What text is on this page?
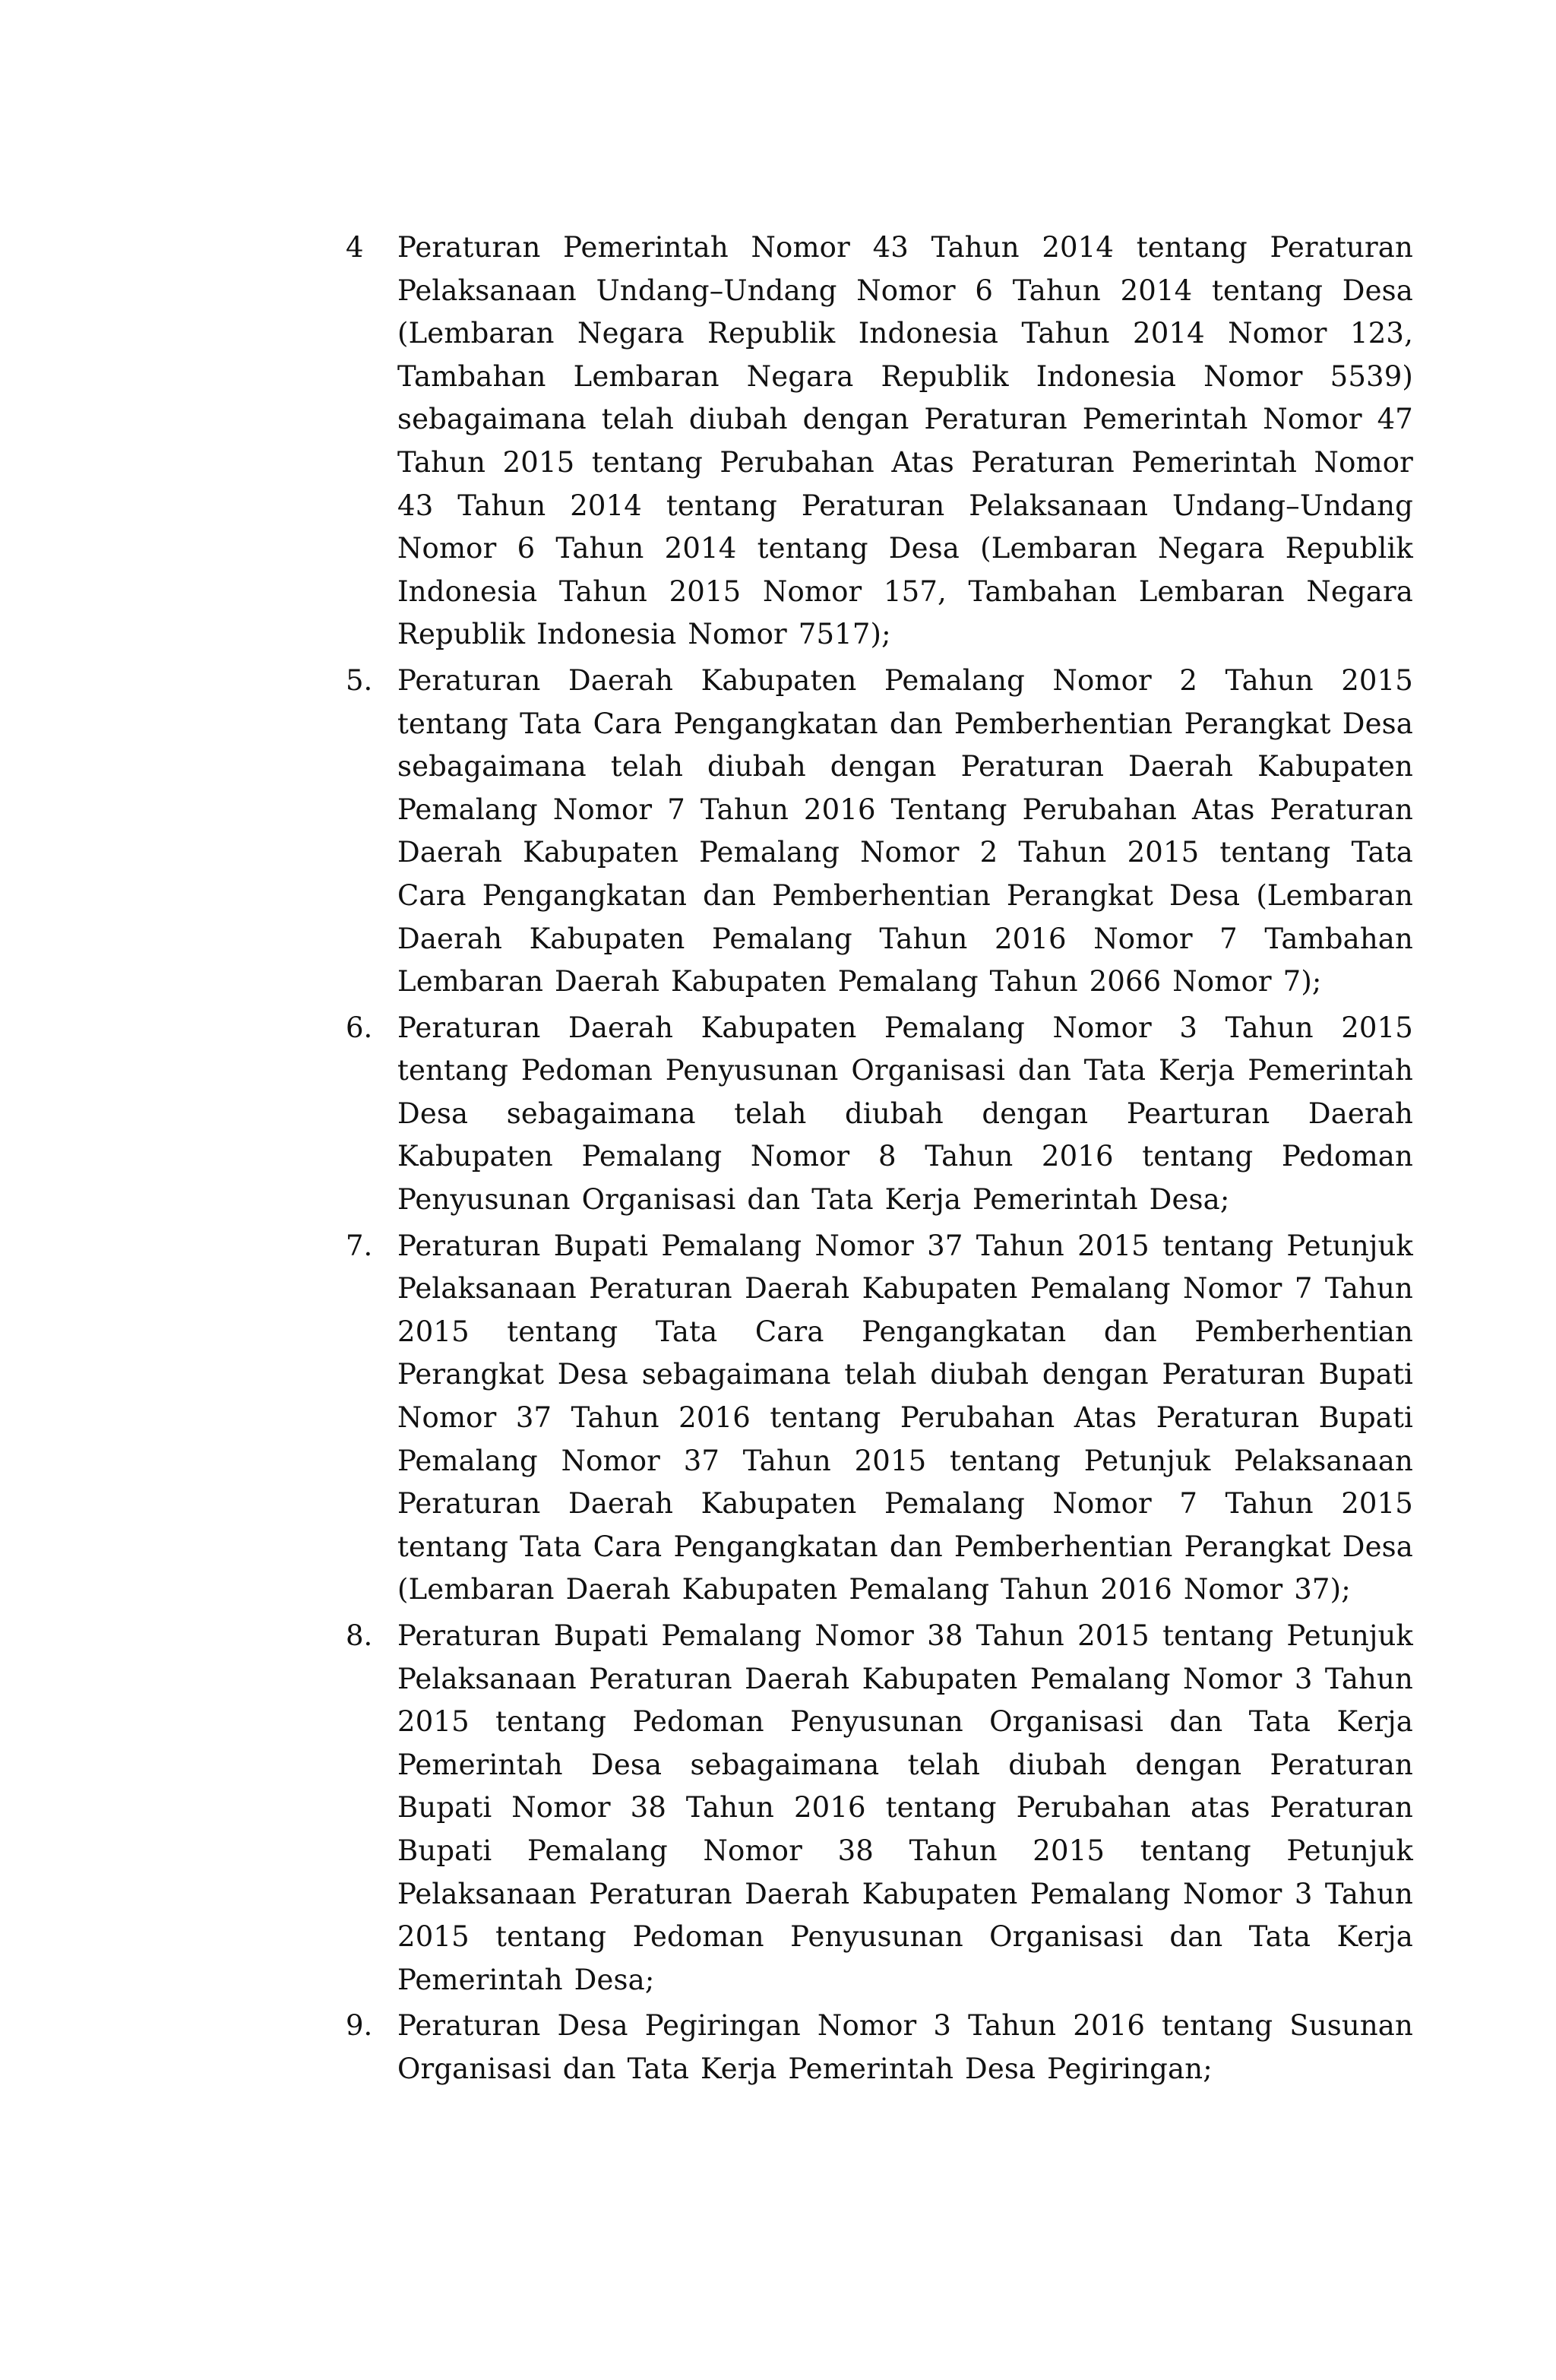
4	Peraturan Pemerintah Nomor 43 Tahun 2014 tentang Peraturan Pelaksanaan Undang–Undang Nomor 6 Tahun 2014 tentang Desa (Lembaran Negara Republik Indonesia Tahun 2014 Nomor 123, Tambahan Lembaran Negara Republik Indonesia Nomor 5539) sebagaimana telah diubah dengan Peraturan Pemerintah Nomor 47 Tahun 2015 tentang Perubahan Atas Peraturan Pemerintah Nomor 43 Tahun 2014 tentang Peraturan Pelaksanaan Undang–Undang Nomor 6 Tahun 2014 tentang Desa (Lembaran Negara Republik Indonesia Tahun 2015 Nomor 157, Tambahan Lembaran Negara Republik Indonesia Nomor 7517);
5. Peraturan Daerah Kabupaten Pemalang Nomor 2 Tahun 2015 tentang Tata Cara Pengangkatan dan Pemberhentian Perangkat Desa sebagaimana telah diubah dengan Peraturan Daerah Kabupaten Pemalang Nomor 7 Tahun 2016 Tentang Perubahan Atas Peraturan Daerah Kabupaten Pemalang Nomor 2 Tahun 2015 tentang Tata Cara Pengangkatan dan Pemberhentian Perangkat Desa (Lembaran Daerah Kabupaten Pemalang Tahun 2016 Nomor 7 Tambahan Lembaran Daerah Kabupaten Pemalang Tahun 2066 Nomor 7);
6. Peraturan Daerah Kabupaten Pemalang Nomor 3 Tahun 2015 tentang Pedoman Penyusunan Organisasi dan Tata Kerja Pemerintah Desa sebagaimana telah diubah dengan Pearturan Daerah Kabupaten Pemalang Nomor 8 Tahun 2016 tentang Pedoman Penyusunan Organisasi dan Tata Kerja Pemerintah Desa;
7. Peraturan Bupati Pemalang Nomor 37 Tahun 2015 tentang Petunjuk Pelaksanaan Peraturan Daerah Kabupaten Pemalang Nomor 7 Tahun 2015 tentang Tata Cara Pengangkatan dan Pemberhentian Perangkat Desa sebagaimana telah diubah dengan Peraturan Bupati Nomor 37 Tahun 2016 tentang Perubahan Atas Peraturan Bupati Pemalang Nomor 37 Tahun 2015 tentang Petunjuk Pelaksanaan Peraturan Daerah Kabupaten Pemalang Nomor 7 Tahun 2015 tentang Tata Cara Pengangkatan dan Pemberhentian Perangkat Desa (Lembaran Daerah Kabupaten Pemalang Tahun 2016 Nomor 37);
8. Peraturan Bupati Pemalang Nomor 38 Tahun 2015 tentang Petunjuk Pelaksanaan Peraturan Daerah Kabupaten Pemalang Nomor 3 Tahun 2015 tentang Pedoman Penyusunan Organisasi dan Tata Kerja Pemerintah Desa sebagaimana telah diubah dengan Peraturan Bupati Nomor 38 Tahun 2016 tentang Perubahan atas Peraturan Bupati Pemalang Nomor 38 Tahun 2015 tentang Petunjuk Pelaksanaan Peraturan Daerah Kabupaten Pemalang Nomor 3 Tahun 2015 tentang Pedoman Penyusunan Organisasi dan Tata Kerja Pemerintah Desa;
9. Peraturan Desa Pegiringan Nomor 3 Tahun 2016 tentang Susunan Organisasi dan Tata Kerja Pemerintah Desa Pegiringan;
